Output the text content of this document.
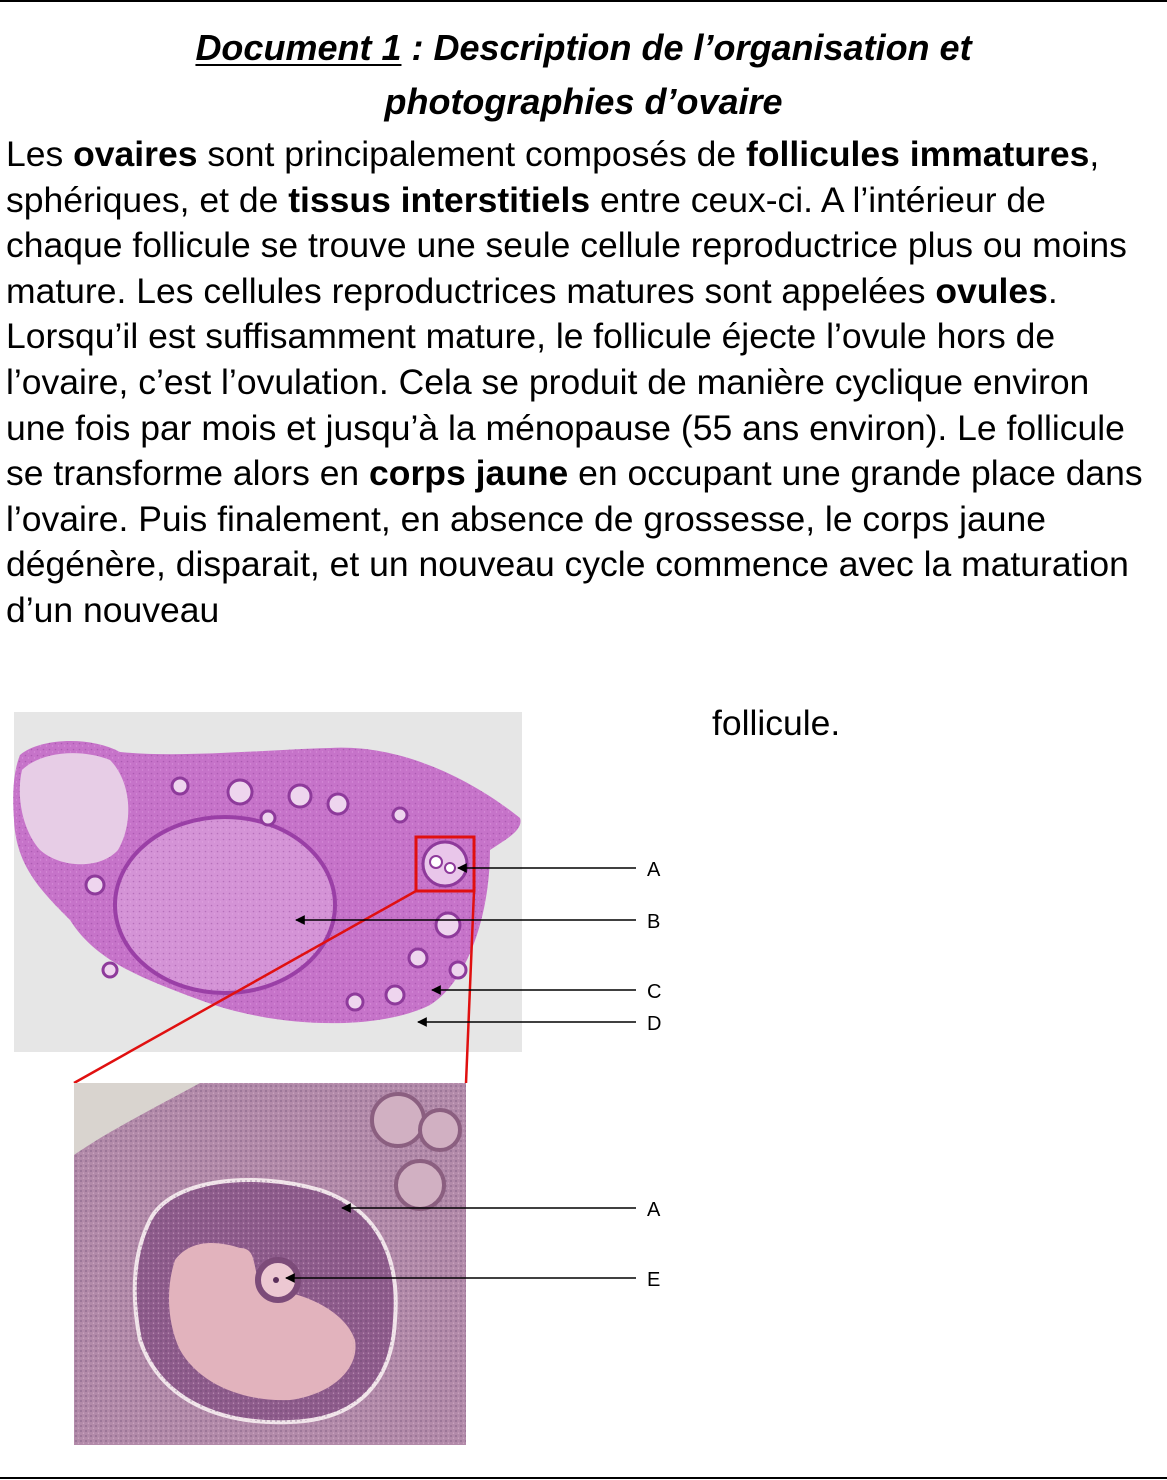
Document 1 : Description de l’organisation et
photographies d’ovaire

Les ovaires sont principalement composés de follicules immatures, sphériques, et de tissus interstitiels entre ceux-ci. A l’intérieur de chaque follicule se trouve une seule cellule reproductrice plus ou moins mature. Les cellules reproductrices matures sont appelées ovules. Lorsqu’il est suffisamment mature, le follicule éjecte l’ovule hors de l’ovaire, c’est l’ovulation. Cela se produit de manière cyclique environ une fois par mois et jusqu’à la ménopause (55 ans environ). Le follicule se transforme alors en corps jaune en occupant une grande place dans l’ovaire. Puis finalement, en absence de grossesse, le corps jaune dégénère, disparait, et un nouveau cycle commence avec la maturation d’un nouveau

follicule.
A
B
C
D
A
E
